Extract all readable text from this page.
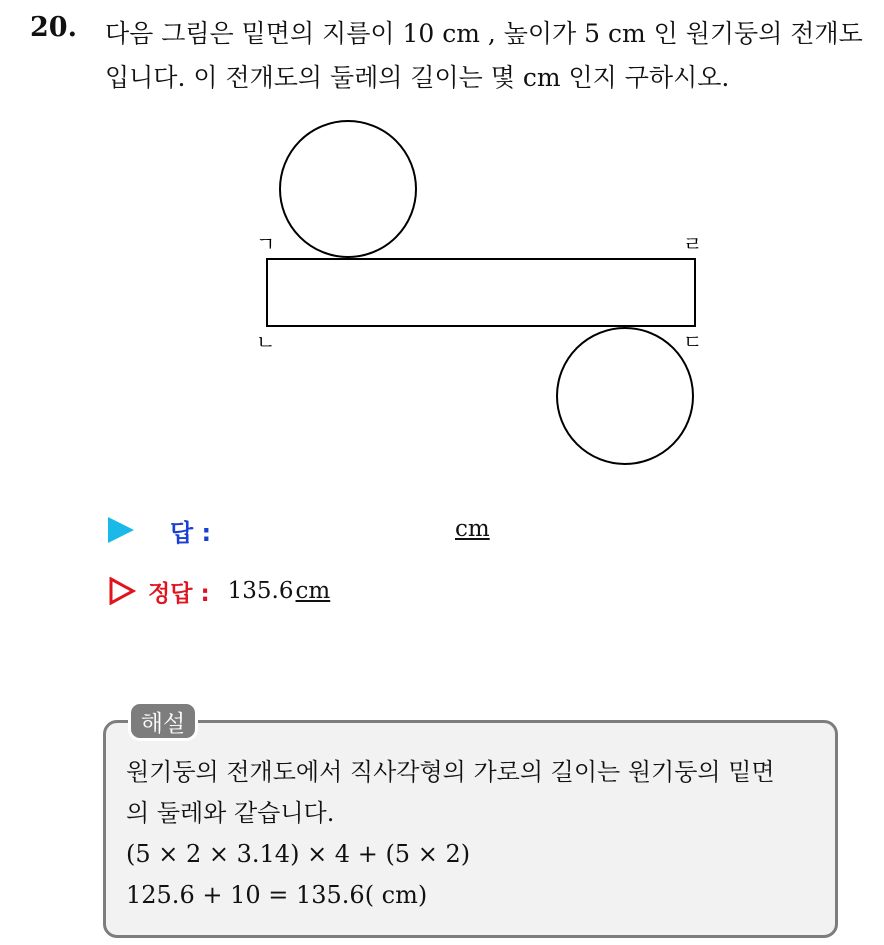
20. 다음 그림은 밑면의 지름이 10 cm , 높이가 5 cm 인 원기둥의 전개도
입니다. 이 전개도의 둘레의 길이는 몇 cm 인지 구하시오.
ㄱ	ㄹ
ㄴ	ㄷ
답 :	cm
정답 : 135.6cm
해설
원기둥의 전개도에서 직사각형의 가로의 길이는 원기둥의 밑면
의 둘레와 같습니다.
(5 × 2 × 3.14) × 4 + (5 × 2)
125.6 + 10 = 135.6( cm)
